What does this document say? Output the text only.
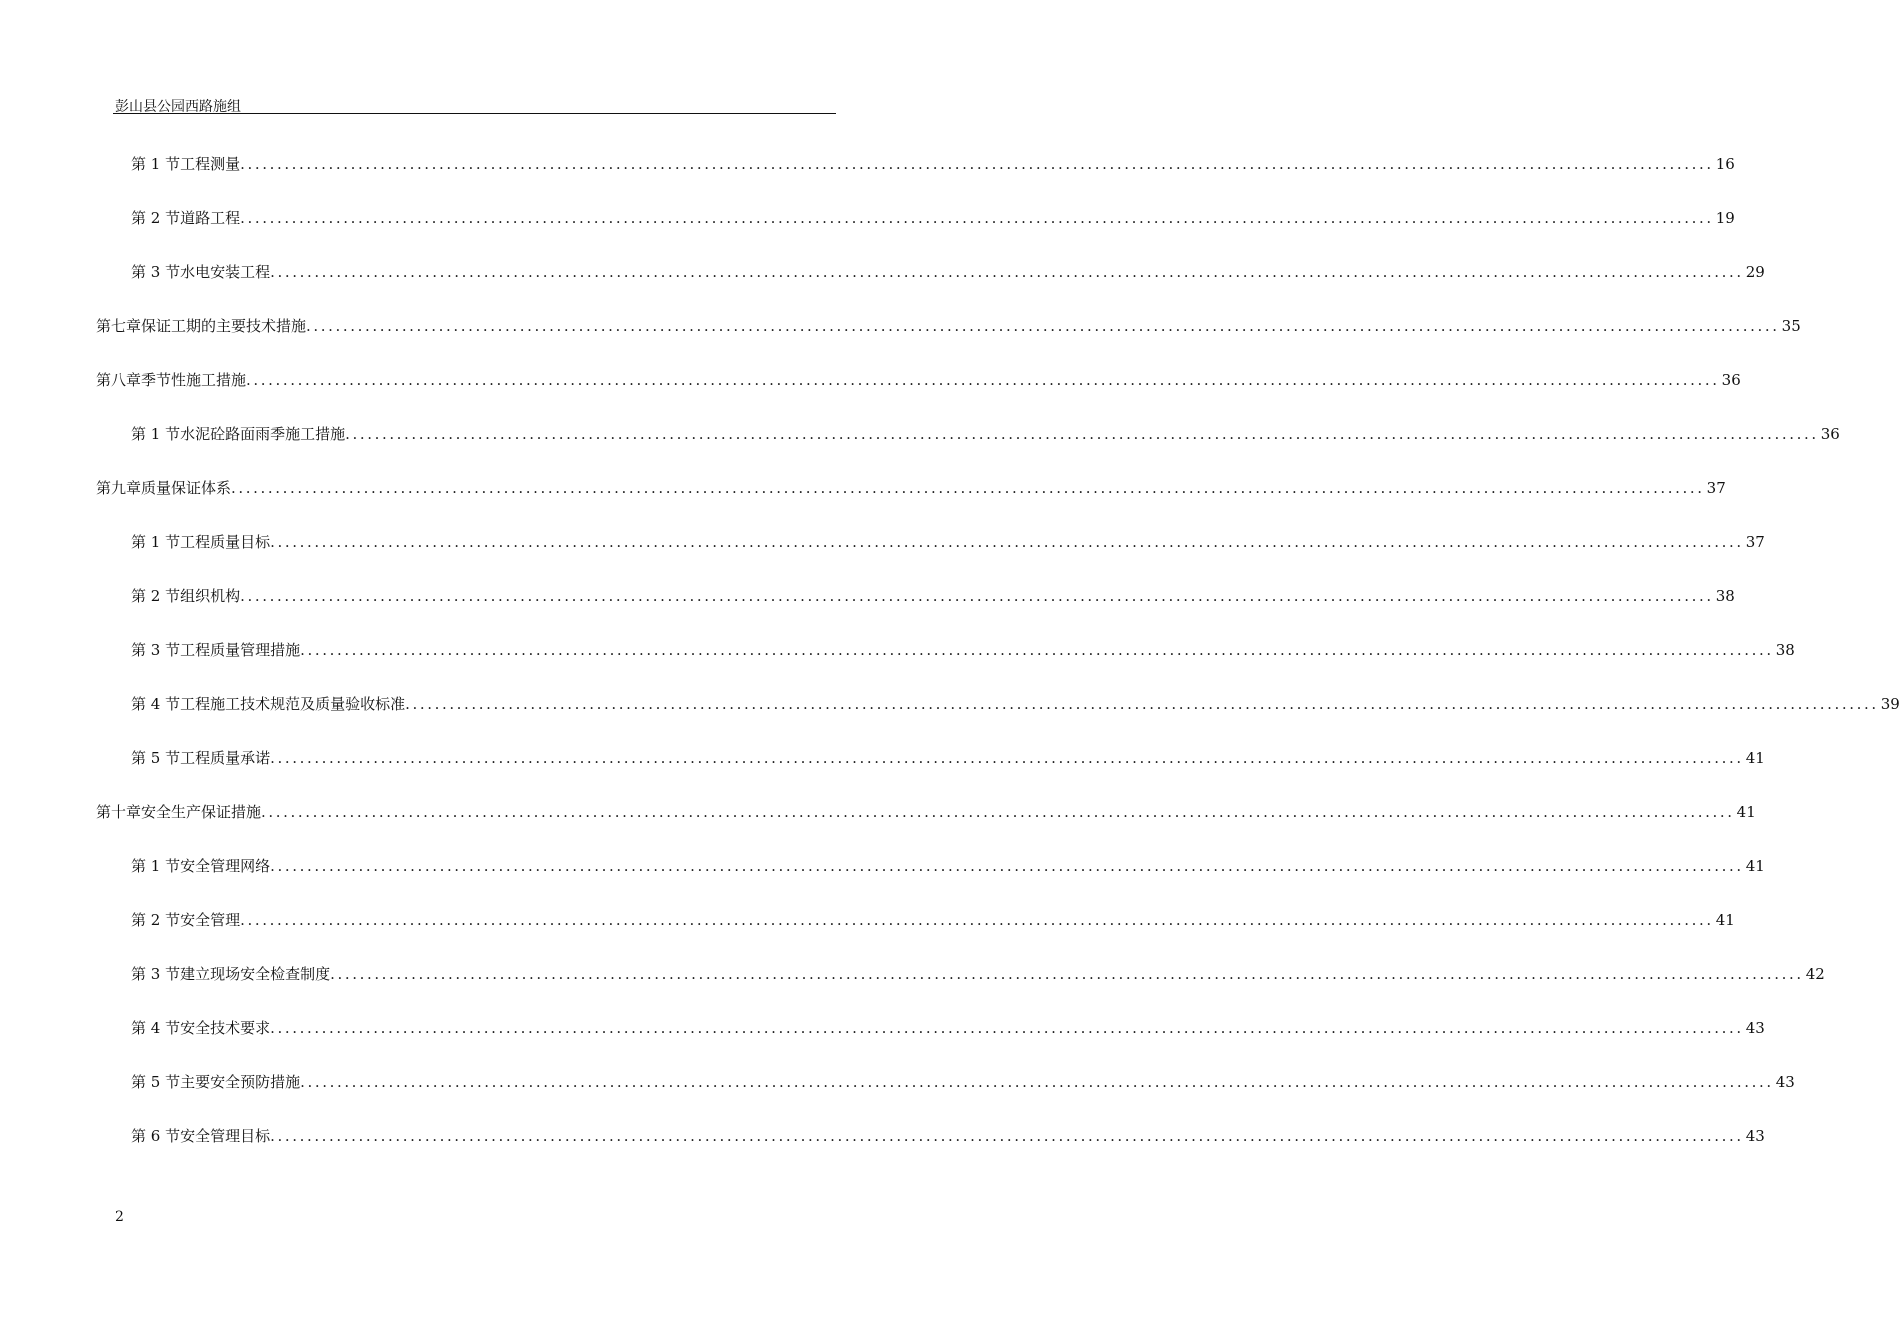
彭山县公园西路施组
第 1 节 工程测量 ........................................................................................................................................................................................................ 16
第 2 节 道路工程 ........................................................................................................................................................................................................ 19
第 3 节 水电安装工程 ........................................................................................................................................................................................................ 29
第七章 保证工期的主要技术措施 ........................................................................................................................................................................................................ 35
第八章 季节性施工措施 ........................................................................................................................................................................................................ 36
第 1 节 水泥砼路面雨季施工措施 ........................................................................................................................................................................................................ 36
第九章 质量保证体系 ........................................................................................................................................................................................................ 37
第 1 节 工程质量目标 ........................................................................................................................................................................................................ 37
第 2 节 组织机构 ........................................................................................................................................................................................................ 38
第 3 节 工程质量管理措施 ........................................................................................................................................................................................................ 38
第 4 节 工程施工技术规范及质量验收标准 ........................................................................................................................................................................................................ 39
第 5 节 工程质量承诺 ........................................................................................................................................................................................................ 41
第十章 安全生产保证措施 ........................................................................................................................................................................................................ 41
第 1 节 安全管理网络 ........................................................................................................................................................................................................ 41
第 2 节 安全管理 ........................................................................................................................................................................................................ 41
第 3 节 建立现场安全检查制度 ........................................................................................................................................................................................................ 42
第 4 节 安全技术要求 ........................................................................................................................................................................................................ 43
第 5 节 主要安全预防措施 ........................................................................................................................................................................................................ 43
第 6 节 安全管理目标 ........................................................................................................................................................................................................ 43
2
